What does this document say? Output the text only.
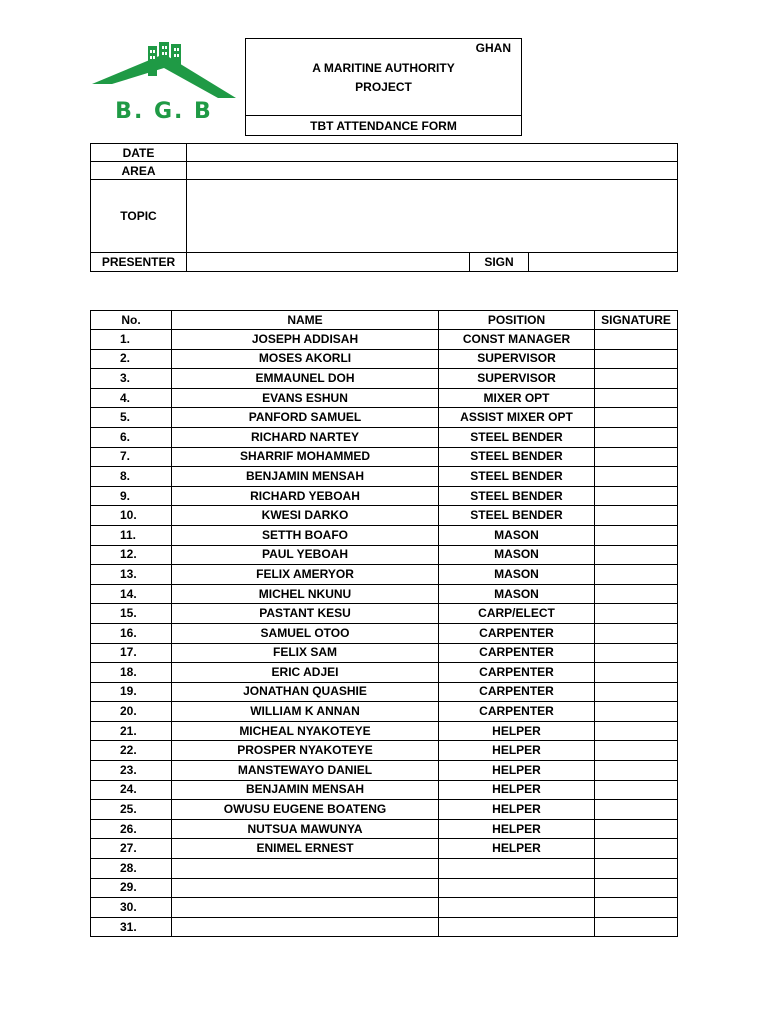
B. G. B
GHAN
A MARITINE AUTHORITY
PROJECT
TBT ATTENDANCE FORM
DATE			
AREA			
TOPIC			
PRESENTER		SIGN	
No.	NAME	POSITION	SIGNATURE
1.	JOSEPH ADDISAH	CONST MANAGER	
2.	MOSES AKORLI	SUPERVISOR	
3.	EMMAUNEL DOH	SUPERVISOR	
4.	EVANS ESHUN	MIXER OPT	
5.	PANFORD SAMUEL	ASSIST MIXER OPT	
6.	RICHARD NARTEY	STEEL BENDER	
7.	SHARRIF MOHAMMED	STEEL BENDER	
8.	BENJAMIN MENSAH	STEEL BENDER	
9.	RICHARD YEBOAH	STEEL BENDER	
10.	KWESI DARKO	STEEL BENDER	
11.	SETTH BOAFO	MASON	
12.	PAUL YEBOAH	MASON	
13.	FELIX AMERYOR	MASON	
14.	MICHEL NKUNU	MASON	
15.	PASTANT KESU	CARP/ELECT	
16.	SAMUEL OTOO	CARPENTER	
17.	FELIX SAM	CARPENTER	
18.	ERIC ADJEI	CARPENTER	
19.	JONATHAN QUASHIE	CARPENTER	
20.	WILLIAM K ANNAN	CARPENTER	
21.	MICHEAL NYAKOTEYE	HELPER	
22.	PROSPER NYAKOTEYE	HELPER	
23.	MANSTEWAYO DANIEL	HELPER	
24.	BENJAMIN MENSAH	HELPER	
25.	OWUSU EUGENE BOATENG	HELPER	
26.	NUTSUA MAWUNYA	HELPER	
27.	ENIMEL ERNEST	HELPER	
28.			
29.			
30.			
31.			
